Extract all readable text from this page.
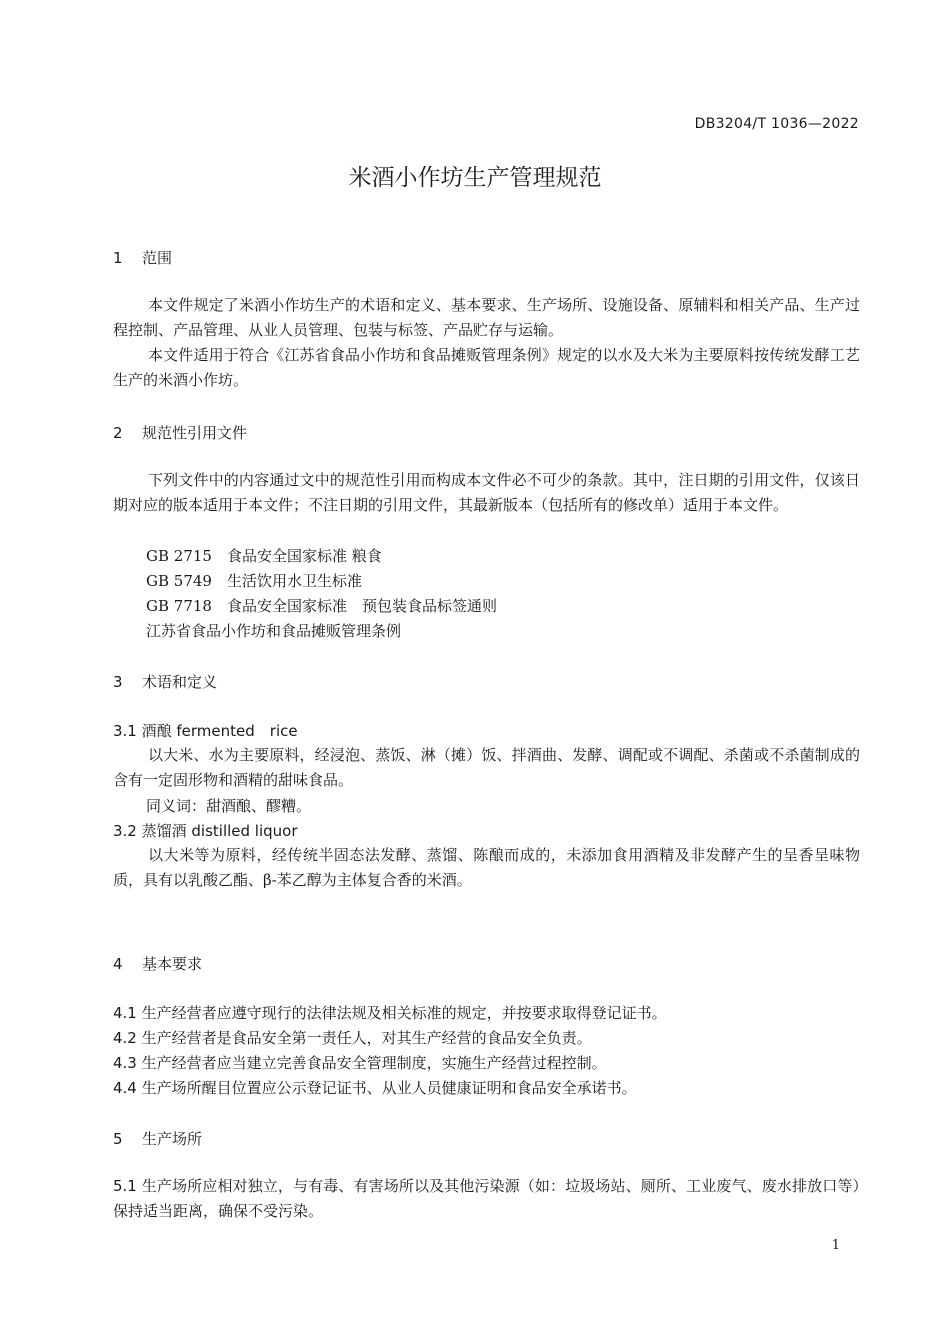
DB3204/T 1036—2022
米酒小作坊生产管理规范
1 范围
本文件规定了米酒小作坊生产的术语和定义、基本要求、生产场所、设施设备、原辅料和相关产品、生产过程控制、产品管理、从业人员管理、包装与标签、产品贮存与运输。
本文件适用于符合《江苏省食品小作坊和食品摊贩管理条例》规定的以水及大米为主要原料按传统发酵工艺生产的米酒小作坊。
2 规范性引用文件
下列文件中的内容通过文中的规范性引用而构成本文件必不可少的条款。其中，注日期的引用文件，仅该日期对应的版本适用于本文件；不注日期的引用文件，其最新版本（包括所有的修改单）适用于本文件。
GB 2715　食品安全国家标准 粮食
GB 5749　生活饮用水卫生标准
GB 7718　食品安全国家标准　预包装食品标签通则
江苏省食品小作坊和食品摊贩管理条例
3 术语和定义
3.1 酒酿 fermented　rice
以大米、水为主要原料，经浸泡、蒸饭、淋（摊）饭、拌酒曲、发酵、调配或不调配、杀菌或不杀菌制成的含有一定固形物和酒精的甜味食品。
同义词：甜酒酿、醪糟。
3.2 蒸馏酒 distilled liquor
以大米等为原料，经传统半固态法发酵、蒸馏、陈酿而成的，未添加食用酒精及非发酵产生的呈香呈味物质，具有以乳酸乙酯、β-苯乙醇为主体复合香的米酒。
4 基本要求
4.1 生产经营者应遵守现行的法律法规及相关标准的规定，并按要求取得登记证书。
4.2 生产经营者是食品安全第一责任人，对其生产经营的食品安全负责。
4.3 生产经营者应当建立完善食品安全管理制度，实施生产经营过程控制。
4.4 生产场所醒目位置应公示登记证书、从业人员健康证明和食品安全承诺书。
5 生产场所
5.1 生产场所应相对独立，与有毒、有害场所以及其他污染源（如：垃圾场站、厕所、工业废气、废水排放口等）保持适当距离，确保不受污染。
1
